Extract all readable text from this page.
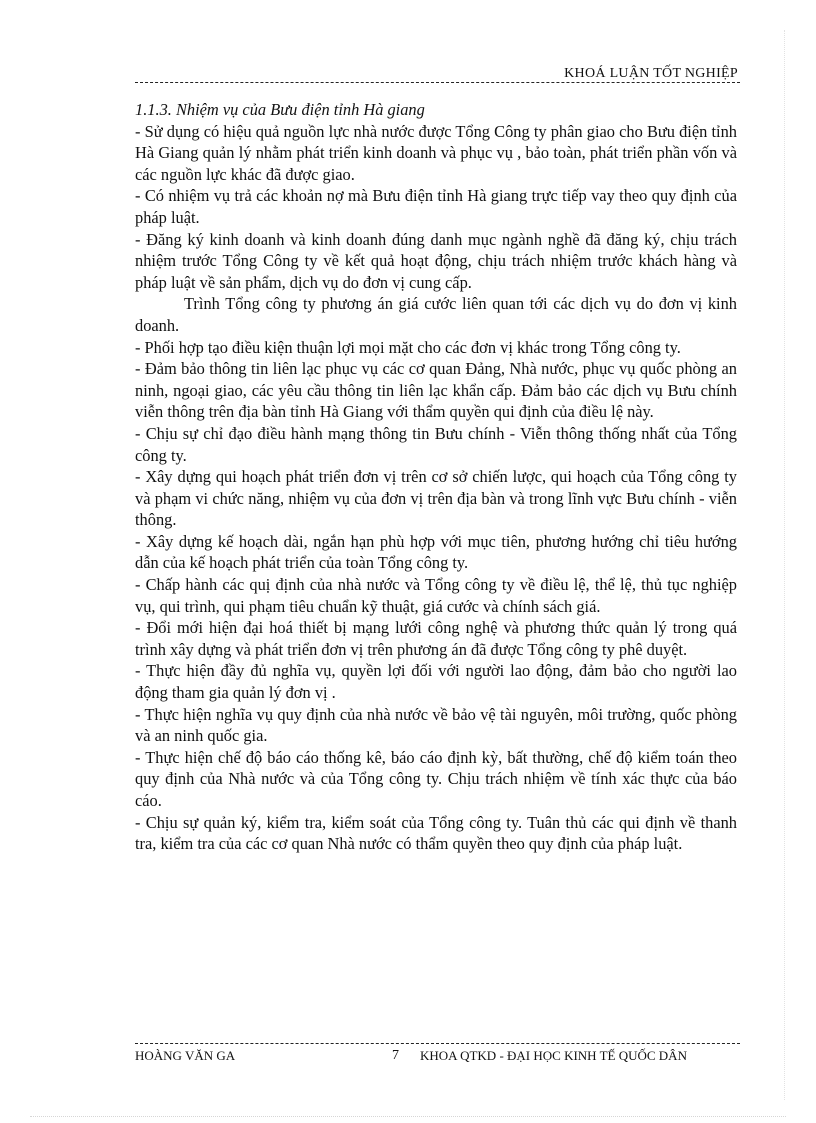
KHOÁ LUẬN TỐT NGHIỆP
1.1.3. Nhiệm vụ của Bưu điện tỉnh Hà giang
- Sử dụng có hiệu quả nguồn lực nhà nước được Tổng Công ty phân giao cho Bưu điện tỉnh Hà Giang quản lý nhằm phát triển kinh doanh và phục vụ , bảo toàn, phát triển phần vốn và các nguồn lực khác đã được giao.
- Có nhiệm vụ trả các khoản nợ mà Bưu điện tỉnh Hà giang trực tiếp vay theo quy định của pháp luật.
- Đăng ký kinh doanh và kinh doanh đúng danh mục ngành nghề đã đăng ký, chịu trách nhiệm trước Tổng Công ty về kết quả hoạt động, chịu trách nhiệm trước khách hàng và pháp luật về sản phẩm, dịch vụ do đơn vị cung cấp.
Trình Tổng công ty phương án giá cước liên quan tới các dịch vụ do đơn vị kinh doanh.
- Phối hợp tạo điều kiện thuận lợi mọi mặt cho các đơn vị khác trong Tổng công ty.
- Đảm bảo thông tin liên lạc phục vụ các cơ quan Đảng, Nhà nước, phục vụ quốc phòng an ninh, ngoại giao, các yêu cầu thông tin liên lạc khẩn cấp. Đảm bảo các dịch vụ Bưu chính viễn thông trên địa bàn tỉnh Hà Giang với thẩm quyền qui định của điều lệ này.
- Chịu sự chỉ đạo điều hành mạng thông tin Bưu chính - Viễn thông thống nhất của Tổng công ty.
- Xây dựng qui hoạch phát triển đơn vị trên cơ sở chiến lược, qui hoạch của Tổng công ty và phạm vi chức năng, nhiệm vụ của đơn vị trên địa bàn và trong lĩnh vực Bưu chính - viễn thông.
- Xây dựng kế hoạch dài, ngắn hạn phù hợp với mục tiên, phương hướng chỉ tiêu hướng dẫn của kế hoạch phát triển của toàn Tổng công ty.
- Chấp hành các quị định của nhà nước và Tổng công ty về điều lệ, thể lệ, thủ tục nghiệp vụ, qui trình, qui phạm tiêu chuẩn kỹ thuật, giá cước và chính sách giá.
- Đổi mới hiện đại hoá thiết bị mạng lưới công nghệ và phương thức quản lý trong quá trình xây dựng và phát triển đơn vị trên phương án đã được Tổng công ty phê duyệt.
- Thực hiện đầy đủ nghĩa vụ, quyền lợi đối với người lao động, đảm bảo cho người lao động tham gia quản lý đơn vị .
- Thực hiện nghĩa vụ quy định của nhà nước về bảo vệ tài nguyên, môi trường, quốc phòng và an ninh quốc gia.
- Thực hiện chế độ báo cáo thống kê, báo cáo định kỳ, bất thường, chế độ kiểm toán theo quy định của Nhà nước và của Tổng công ty. Chịu trách nhiệm về tính xác thực của báo cáo.
- Chịu sự quản ký, kiểm tra, kiểm soát của Tổng công ty. Tuân thủ các qui định về thanh tra, kiểm tra của các cơ quan Nhà nước có thẩm quyền theo quy định của pháp luật.
HOÀNG VĂN GA	7 KHOA QTKD - ĐẠI HỌC KINH TẾ QUỐC DÂN
